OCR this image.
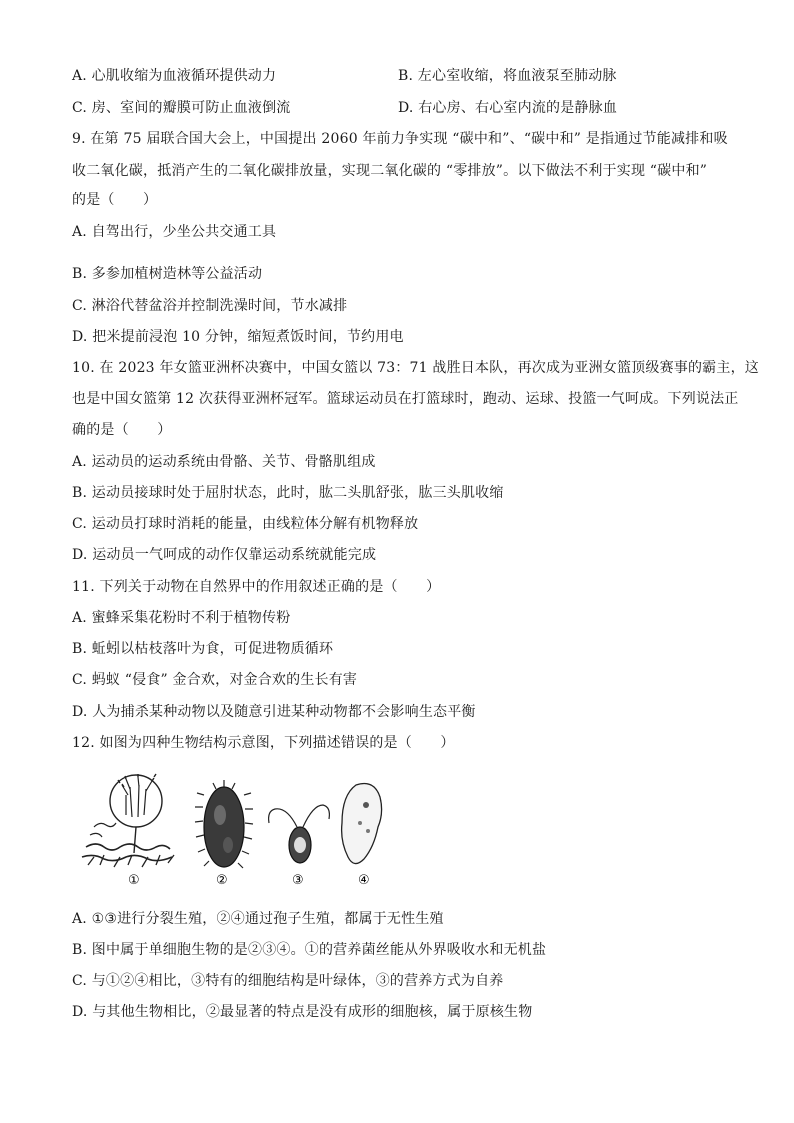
A. 心肌收缩为血液循环提供动力	B. 左心室收缩，将血液泵至肺动脉
C. 房、室间的瓣膜可防止血液倒流	D. 右心房、右心室内流的是静脉血
9. 在第 75 届联合国大会上，中国提出 2060 年前力争实现 “碳中和”、“碳中和” 是指通过节能减排和吸
收二氧化碳，抵消产生的二氧化碳排放量，实现二氧化碳的 “零排放”。以下做法不利于实现 “碳中和”
的是（　　）
A. 自驾出行，少坐公共交通工具
B. 多参加植树造林等公益活动
C. 淋浴代替盆浴并控制洗澡时间，节水减排
D. 把米提前浸泡 10 分钟，缩短煮饭时间，节约用电
10. 在 2023 年女篮亚洲杯决赛中，中国女篮以 73：71 战胜日本队，再次成为亚洲女篮顶级赛事的霸主，这
也是中国女篮第 12 次获得亚洲杯冠军。篮球运动员在打篮球时，跑动、运球、投篮一气呵成。下列说法正
确的是（　　）
A. 运动员的运动系统由骨骼、关节、骨骼肌组成
B. 运动员接球时处于屈肘状态，此时，肱二头肌舒张，肱三头肌收缩
C. 运动员打球时消耗的能量，由线粒体分解有机物释放
D. 运动员一气呵成的动作仅靠运动系统就能完成
11. 下列关于动物在自然界中的作用叙述正确的是（　　）
A. 蜜蜂采集花粉时不利于植物传粉
B. 蚯蚓以枯枝落叶为食，可促进物质循环
C. 蚂蚁 “侵食” 金合欢，对金合欢的生长有害
D. 人为捕杀某种动物以及随意引进某种动物都不会影响生态平衡
12. 如图为四种生物结构示意图，下列描述错误的是（　　）
①	②	③	④
A. ①③进行分裂生殖，②④通过孢子生殖，都属于无性生殖
B. 图中属于单细胞生物的是②③④。①的营养菌丝能从外界吸收水和无机盐
C. 与①②④相比，③特有的细胞结构是叶绿体，③的营养方式为自养
D. 与其他生物相比，②最显著的特点是没有成形的细胞核，属于原核生物
